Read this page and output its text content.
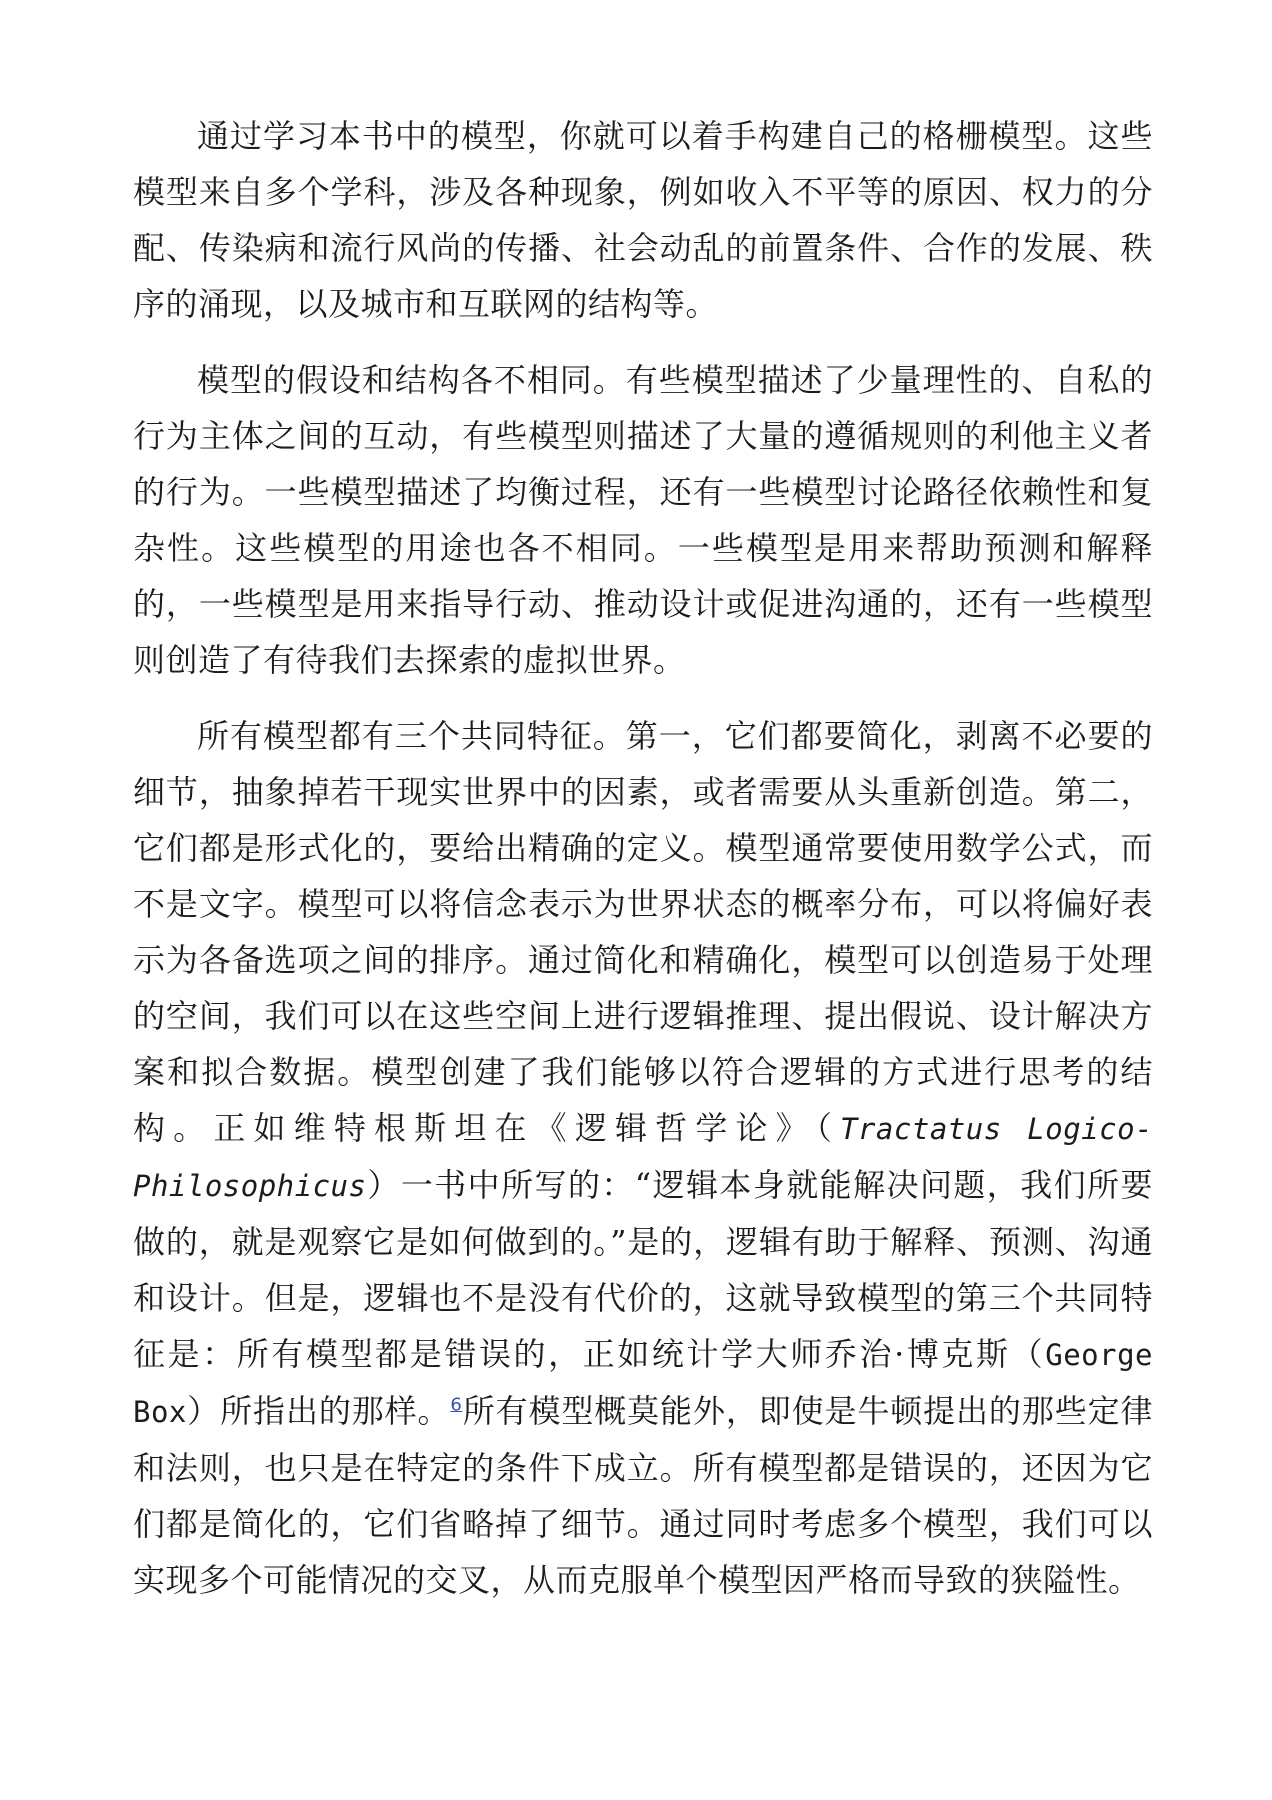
通过学习本书中的模型，你就可以着手构建自己的格栅模型。这些模型来自多个学科，涉及各种现象，例如收入不平等的原因、权力的分配、传染病和流行风尚的传播、社会动乱的前置条件、合作的发展、秩序的涌现，以及城市和互联网的结构等。

模型的假设和结构各不相同。有些模型描述了少量理性的、自私的行为主体之间的互动，有些模型则描述了大量的遵循规则的利他主义者的行为。一些模型描述了均衡过程，还有一些模型讨论路径依赖性和复杂性。这些模型的用途也各不相同。一些模型是用来帮助预测和解释的，一些模型是用来指导行动、推动设计或促进沟通的，还有一些模型则创造了有待我们去探索的虚拟世界。

所有模型都有三个共同特征。第一，它们都要简化，剥离不必要的细节，抽象掉若干现实世界中的因素，或者需要从头重新创造。第二，它们都是形式化的，要给出精确的定义。模型通常要使用数学公式，而不是文字。模型可以将信念表示为世界状态的概率分布，可以将偏好表示为各备选项之间的排序。通过简化和精确化，模型可以创造易于处理的空间，我们可以在这些空间上进行逻辑推理、提出假说、设计解决方案和拟合数据。模型创建了我们能够以符合逻辑的方式进行思考的结构。正如维特根斯坦在《逻辑哲学论》（Tractatus Logico-Philosophicus）一书中所写的：“逻辑本身就能解决问题，我们所要做的，就是观察它是如何做到的。”是的，逻辑有助于解释、预测、沟通和设计。但是，逻辑也不是没有代价的，这就导致模型的第三个共同特征是：所有模型都是错误的，正如统计学大师乔治·博克斯（George Box）所指出的那样。$^6$所有模型概莫能外，即使是牛顿提出的那些定律和法则，也只是在特定的条件下成立。所有模型都是错误的，还因为它们都是简化的，它们省略掉了细节。通过同时考虑多个模型，我们可以实现多个可能情况的交叉，从而克服单个模型因严格而导致的狭隘性。
